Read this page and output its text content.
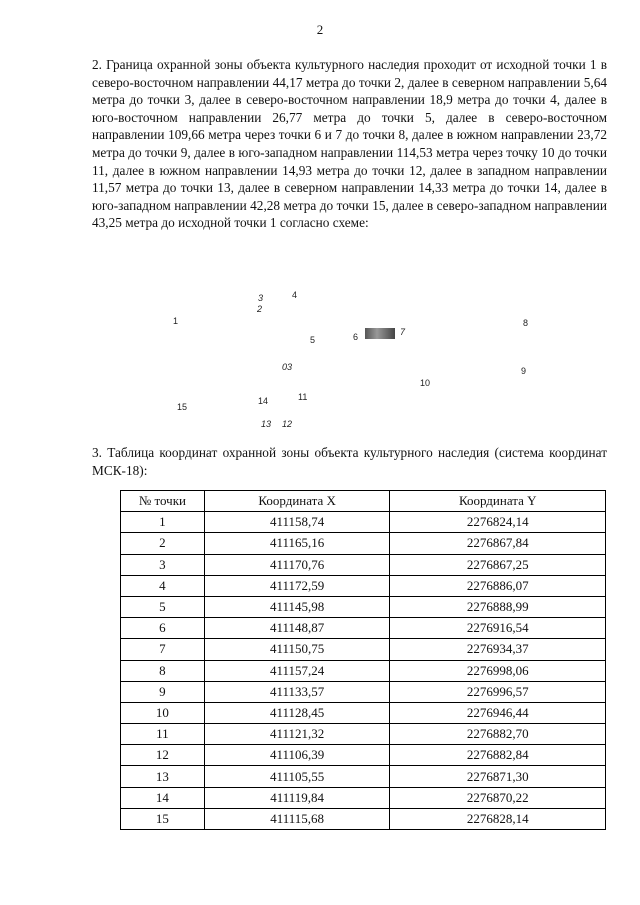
2

2. Граница охранной зоны объекта культурного наследия проходит от исходной точки 1 в северо-восточном направлении 44,17 метра до точки 2, далее в северном направлении 5,64 метра до точки 3, далее в северо-восточном направлении 18,9 метра до точки 4, далее в юго-восточном направлении 26,77 метра до точки 5, далее в северо-восточном направлении 109,66 метра через точки 6 и 7 до точки 8, далее в южном направлении 23,72 метра до точки 9, далее в юго-западном направлении 114,53 метра через точку 10 до точки 11, далее в южном направлении 14,93 метра до точки 12, далее в западном направлении 11,57 метра до точки 13, далее в северном направлении 14,33 метра до точки 14, далее в юго-западном направлении 42,28 метра до точки 15, далее в северо-западном направлении 43,25 метра до исходной точки 1 согласно схеме:

1
2
3	4
5	6	7
8
9
10
11
12
13
14
15
03

3. Таблица координат охранной зоны объекта культурного наследия (система координат МСК-18):

№ точки	Координата X	Координата Y
1	411158,74	2276824,14
2	411165,16	2276867,84
3	411170,76	2276867,25
4	411172,59	2276886,07
5	411145,98	2276888,99
6	411148,87	2276916,54
7	411150,75	2276934,37
8	411157,24	2276998,06
9	411133,57	2276996,57
10	411128,45	2276946,44
11	411121,32	2276882,70
12	411106,39	2276882,84
13	411105,55	2276871,30
14	411119,84	2276870,22
15	411115,68	2276828,14
